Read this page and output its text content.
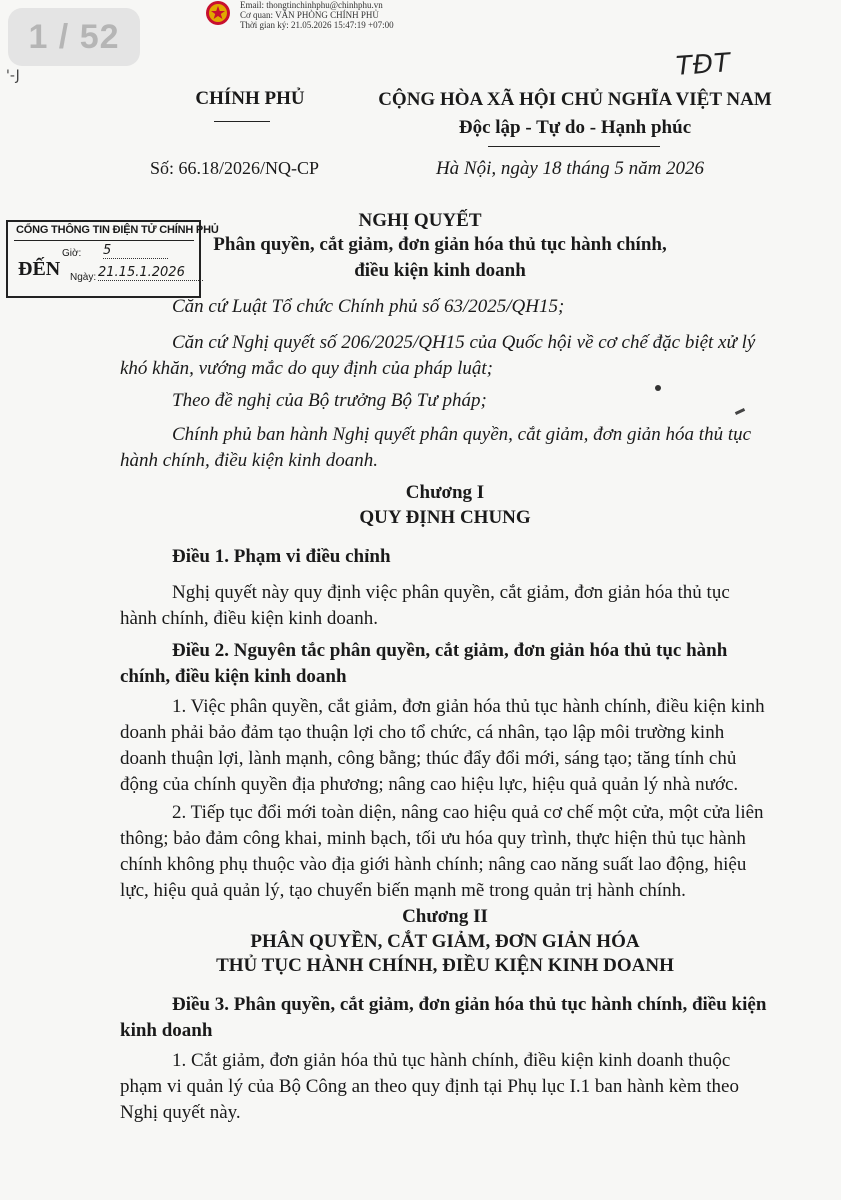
1 / 52
Email: thongtinchinhphu@chinhphu.vn
Cơ quan: VĂN PHÒNG CHÍNH PHỦ
Thời gian ký: 21.05.2026 15:47:19 +07:00
TĐT
'-J
CHÍNH PHỦ	CỘNG HÒA XÃ HỘI CHỦ NGHĨA VIỆT NAM
Độc lập - Tự do - Hạnh phúc
Số: 66.18/2026/NQ-CP	Hà Nội, ngày 18 tháng 5 năm 2026
CỔNG THÔNG TIN ĐIỆN TỬ CHÍNH PHỦ
ĐẾN
Giờ: 5
Ngày: 21.15.1.2026
NGHỊ QUYẾT
Phân quyền, cắt giảm, đơn giản hóa thủ tục hành chính,
điều kiện kinh doanh
Căn cứ Luật Tổ chức Chính phủ số 63/2025/QH15;
Căn cứ Nghị quyết số 206/2025/QH15 của Quốc hội về cơ chế đặc biệt xử lý khó khăn, vướng mắc do quy định của pháp luật;
Theo đề nghị của Bộ trưởng Bộ Tư pháp;
Chính phủ ban hành Nghị quyết phân quyền, cắt giảm, đơn giản hóa thủ tục hành chính, điều kiện kinh doanh.
Chương I
QUY ĐỊNH CHUNG
Điều 1. Phạm vi điều chỉnh
Nghị quyết này quy định việc phân quyền, cắt giảm, đơn giản hóa thủ tục hành chính, điều kiện kinh doanh.
Điều 2. Nguyên tắc phân quyền, cắt giảm, đơn giản hóa thủ tục hành chính, điều kiện kinh doanh
1. Việc phân quyền, cắt giảm, đơn giản hóa thủ tục hành chính, điều kiện kinh doanh phải bảo đảm tạo thuận lợi cho tổ chức, cá nhân, tạo lập môi trường kinh doanh thuận lợi, lành mạnh, công bằng; thúc đẩy đổi mới, sáng tạo; tăng tính chủ động của chính quyền địa phương; nâng cao hiệu lực, hiệu quả quản lý nhà nước.
2. Tiếp tục đổi mới toàn diện, nâng cao hiệu quả cơ chế một cửa, một cửa liên thông; bảo đảm công khai, minh bạch, tối ưu hóa quy trình, thực hiện thủ tục hành chính không phụ thuộc vào địa giới hành chính; nâng cao năng suất lao động, hiệu lực, hiệu quả quản lý, tạo chuyển biến mạnh mẽ trong quản trị hành chính.
Chương II
PHÂN QUYỀN, CẮT GIẢM, ĐƠN GIẢN HÓA
THỦ TỤC HÀNH CHÍNH, ĐIỀU KIỆN KINH DOANH
Điều 3. Phân quyền, cắt giảm, đơn giản hóa thủ tục hành chính, điều kiện kinh doanh
1. Cắt giảm, đơn giản hóa thủ tục hành chính, điều kiện kinh doanh thuộc phạm vi quản lý của Bộ Công an theo quy định tại Phụ lục I.1 ban hành kèm theo Nghị quyết này.
